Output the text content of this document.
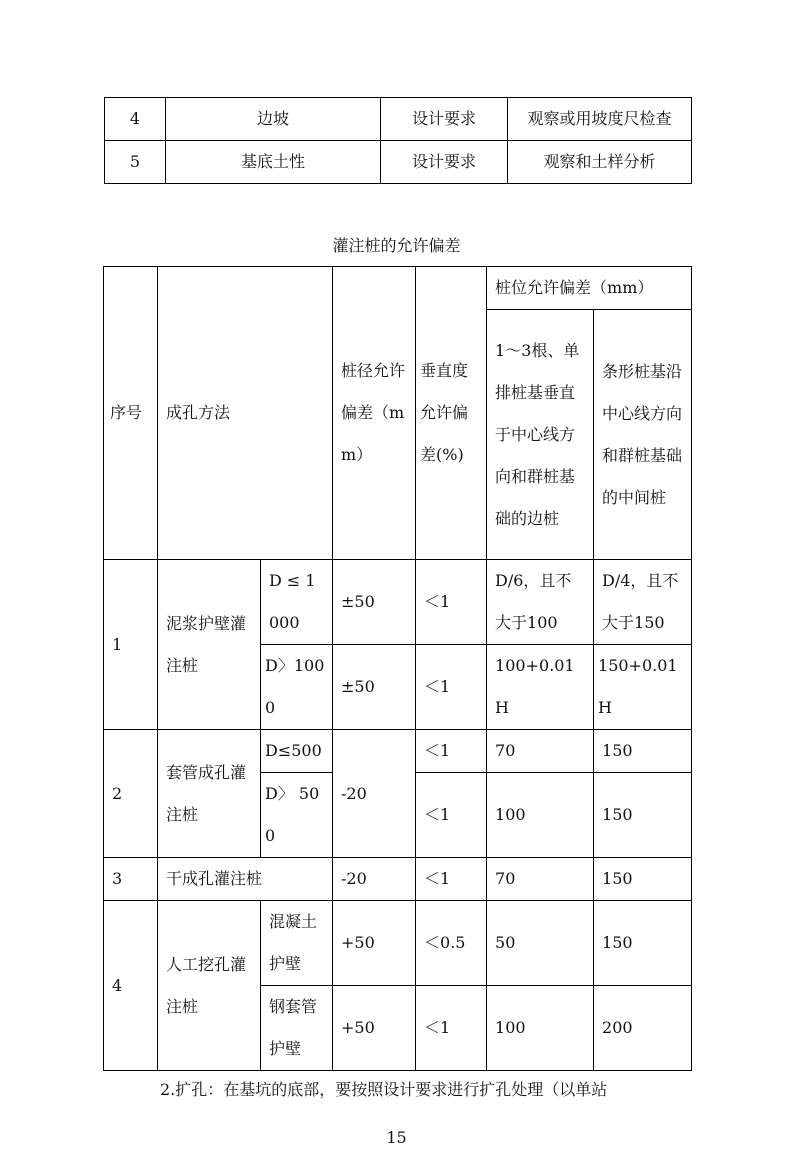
4	边坡	设计要求	观察或用坡度尺检查
5	基底土性	设计要求	观察和土样分析
灌注桩的允许偏差
序号	成孔方法		桩径允许偏差（mm）	垂直度允许偏差(%)	桩位允许偏差（mm）	
					1～3根、单排桩基垂直于中心线方向和群桩基础的边桩	条形桩基沿中心线方向和群桩基础的中间桩
1	泥浆护壁灌注桩	D ≤ 1000	±50	＜1	D/6，且不大于100	D/4，且不大于150
		D〉1000	±50	＜1	100+0.01H	150+0.01H
2	套管成孔灌注桩	D≤500	-20	＜1	70	150
		D〉 500		＜1	100	150
3	干成孔灌注桩		-20	＜1	70	150
4	人工挖孔灌注桩	混凝土护壁	+50	＜0.5	50	150
		钢套管护壁	+50	＜1	100	200
2.扩孔：在基坑的底部，要按照设计要求进行扩孔处理（以单站
15
